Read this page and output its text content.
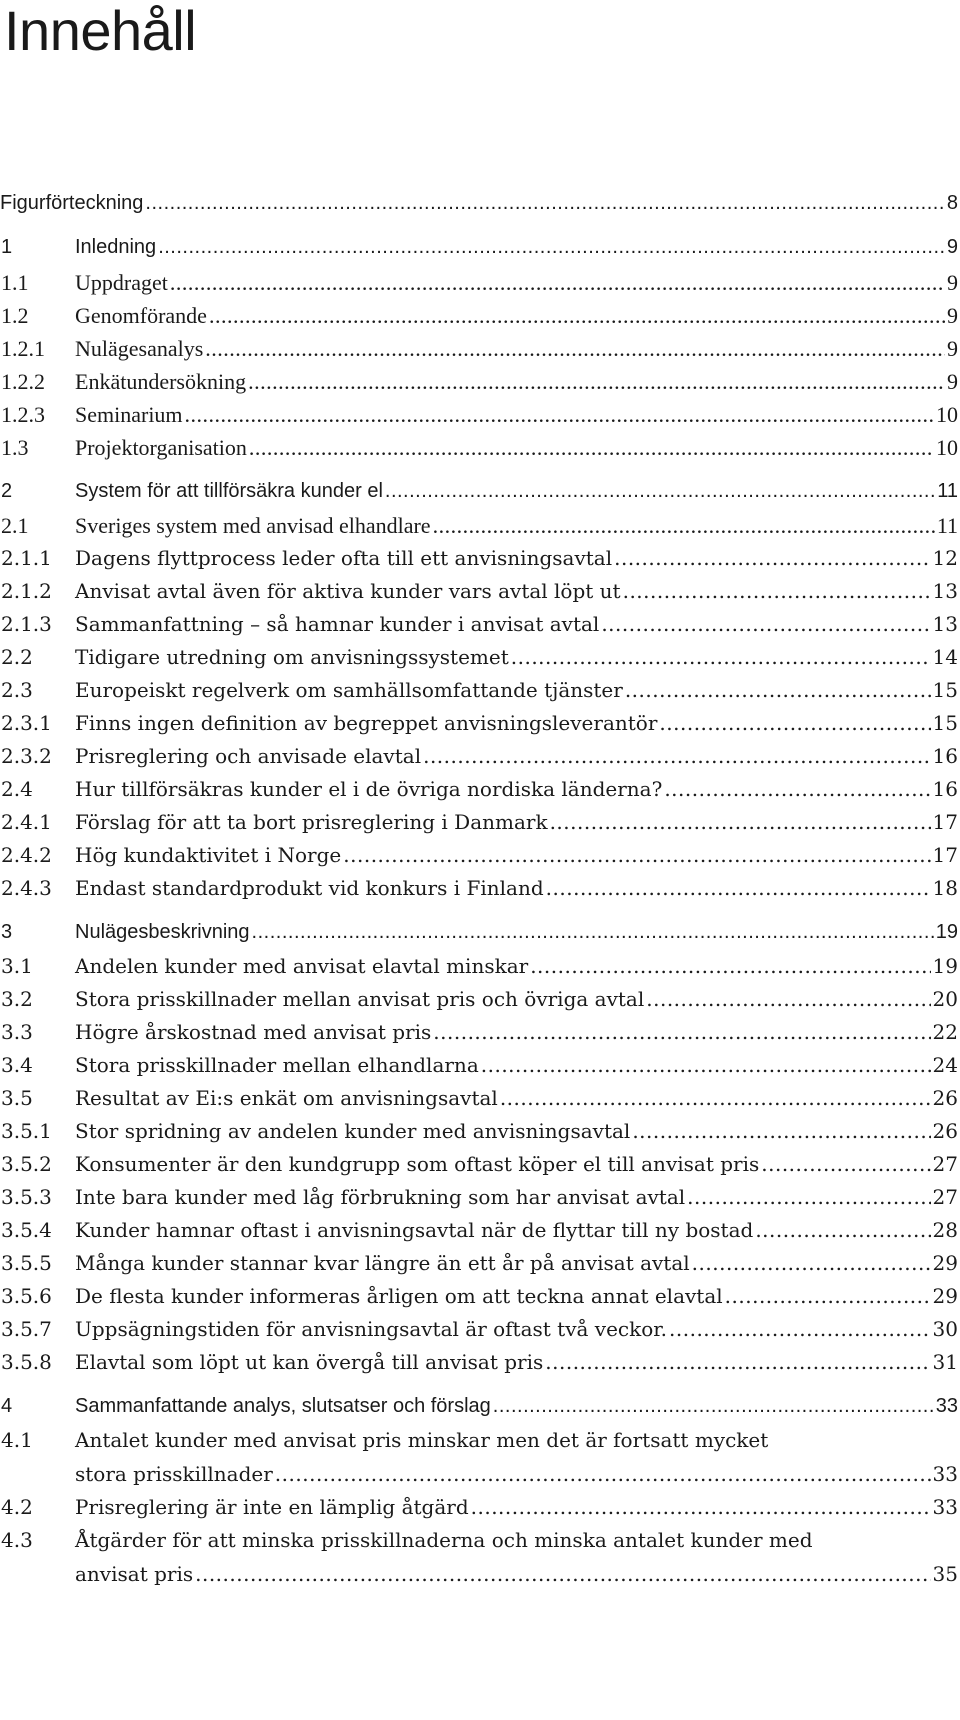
Innehåll
Figurförteckning .....	8
1	Inledning .....	9
1.1	Uppdraget .....	9
1.2	Genomförande .....	9
1.2.1	Nulägesanalys .....	9
1.2.2	Enkätundersökning .....	9
1.2.3	Seminarium .....	10
1.3	Projektorganisation .....	10
2	System för att tillförsäkra kunder el .....	11
2.1	Sveriges system med anvisad elhandlare .....	11
2.1.1	Dagens flyttprocess leder ofta till ett anvisningsavtal .....	12
2.1.2	Anvisat avtal även för aktiva kunder vars avtal löpt ut .....	13
2.1.3	Sammanfattning – så hamnar kunder i anvisat avtal .....	13
2.2	Tidigare utredning om anvisningssystemet .....	14
2.3	Europeiskt regelverk om samhällsomfattande tjänster .....	15
2.3.1	Finns ingen definition av begreppet anvisningsleverantör .....	15
2.3.2	Prisreglering och anvisade elavtal .....	16
2.4	Hur tillförsäkras kunder el i de övriga nordiska länderna? .....	16
2.4.1	Förslag för att ta bort prisreglering i Danmark .....	17
2.4.2	Hög kundaktivitet i Norge .....	17
2.4.3	Endast standardprodukt vid konkurs i Finland .....	18
3	Nulägesbeskrivning .....	19
3.1	Andelen kunder med anvisat elavtal minskar .....	19
3.2	Stora prisskillnader mellan anvisat pris och övriga avtal .....	20
3.3	Högre årskostnad med anvisat pris .....	22
3.4	Stora prisskillnader mellan elhandlarna .....	24
3.5	Resultat av Ei:s enkät om anvisningsavtal .....	26
3.5.1	Stor spridning av andelen kunder med anvisningsavtal .....	26
3.5.2	Konsumenter är den kundgrupp som oftast köper el till anvisat pris .....	27
3.5.3	Inte bara kunder med låg förbrukning som har anvisat avtal .....	27
3.5.4	Kunder hamnar oftast i anvisningsavtal när de flyttar till ny bostad .....	28
3.5.5	Många kunder stannar kvar längre än ett år på anvisat avtal .....	29
3.5.6	De flesta kunder informeras årligen om att teckna annat elavtal .....	29
3.5.7	Uppsägningstiden för anvisningsavtal är oftast två veckor. .....	30
3.5.8	Elavtal som löpt ut kan övergå till anvisat pris .....	31
4	Sammanfattande analys, slutsatser och förslag .....	33
4.1	Antalet kunder med anvisat pris minskar men det är fortsatt mycket
stora prisskillnader .....	33
4.2	Prisreglering är inte en lämplig åtgärd .....	33
4.3	Åtgärder för att minska prisskillnaderna och minska antalet kunder med
anvisat pris .....	35
